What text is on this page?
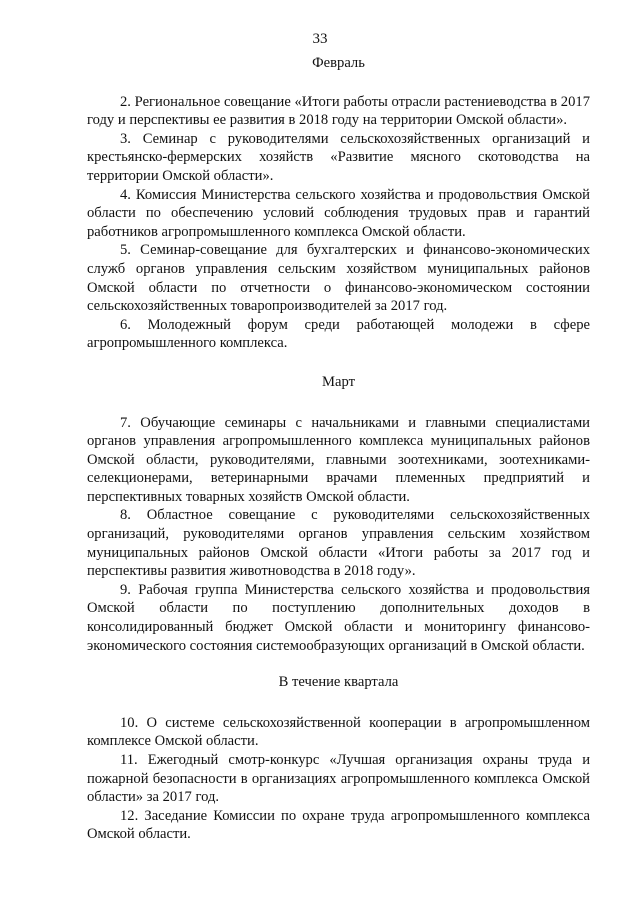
33
Февраль

2. Региональное совещание «Итоги работы отрасли растениеводства в 2017 году и перспективы ее развития в 2018 году на территории Омской области».

3. Семинар с руководителями сельскохозяйственных организаций и крестьянско-фермерских хозяйств «Развитие мясного скотоводства на территории Омской области».

4. Комиссия Министерства сельского хозяйства и продовольствия Омской области по обеспечению условий соблюдения трудовых прав и гарантий работников агропромышленного комплекса Омской области.

5. Семинар-совещание для бухгалтерских и финансово-экономических служб органов управления сельским хозяйством муниципальных районов Омской области по отчетности о финансово-экономическом состоянии сельскохозяйственных товаропроизводителей за 2017 год.

6. Молодежный форум среди работающей молодежи в сфере агропромышленного комплекса.

Март

7. Обучающие семинары с начальниками и главными специалистами органов управления агропромышленного комплекса муниципальных районов Омской области, руководителями, главными зоотехниками, зоотехниками-селекционерами, ветеринарными врачами племенных предприятий и перспективных товарных хозяйств Омской области.

8. Областное совещание с руководителями сельскохозяйственных организаций, руководителями органов управления сельским хозяйством муниципальных районов Омской области «Итоги работы за 2017 год и перспективы развития животноводства в 2018 году».

9. Рабочая группа Министерства сельского хозяйства и продовольствия Омской области по поступлению дополнительных доходов в консолидированный бюджет Омской области и мониторингу финансово-экономического состояния системообразующих организаций в Омской области.

В течение квартала

10. О системе сельскохозяйственной кооперации в агропромышленном комплексе Омской области.

11. Ежегодный смотр-конкурс «Лучшая организация охраны труда и пожарной безопасности в организациях агропромышленного комплекса Омской области» за 2017 год.

12. Заседание Комиссии по охране труда агропромышленного комплекса Омской области.
